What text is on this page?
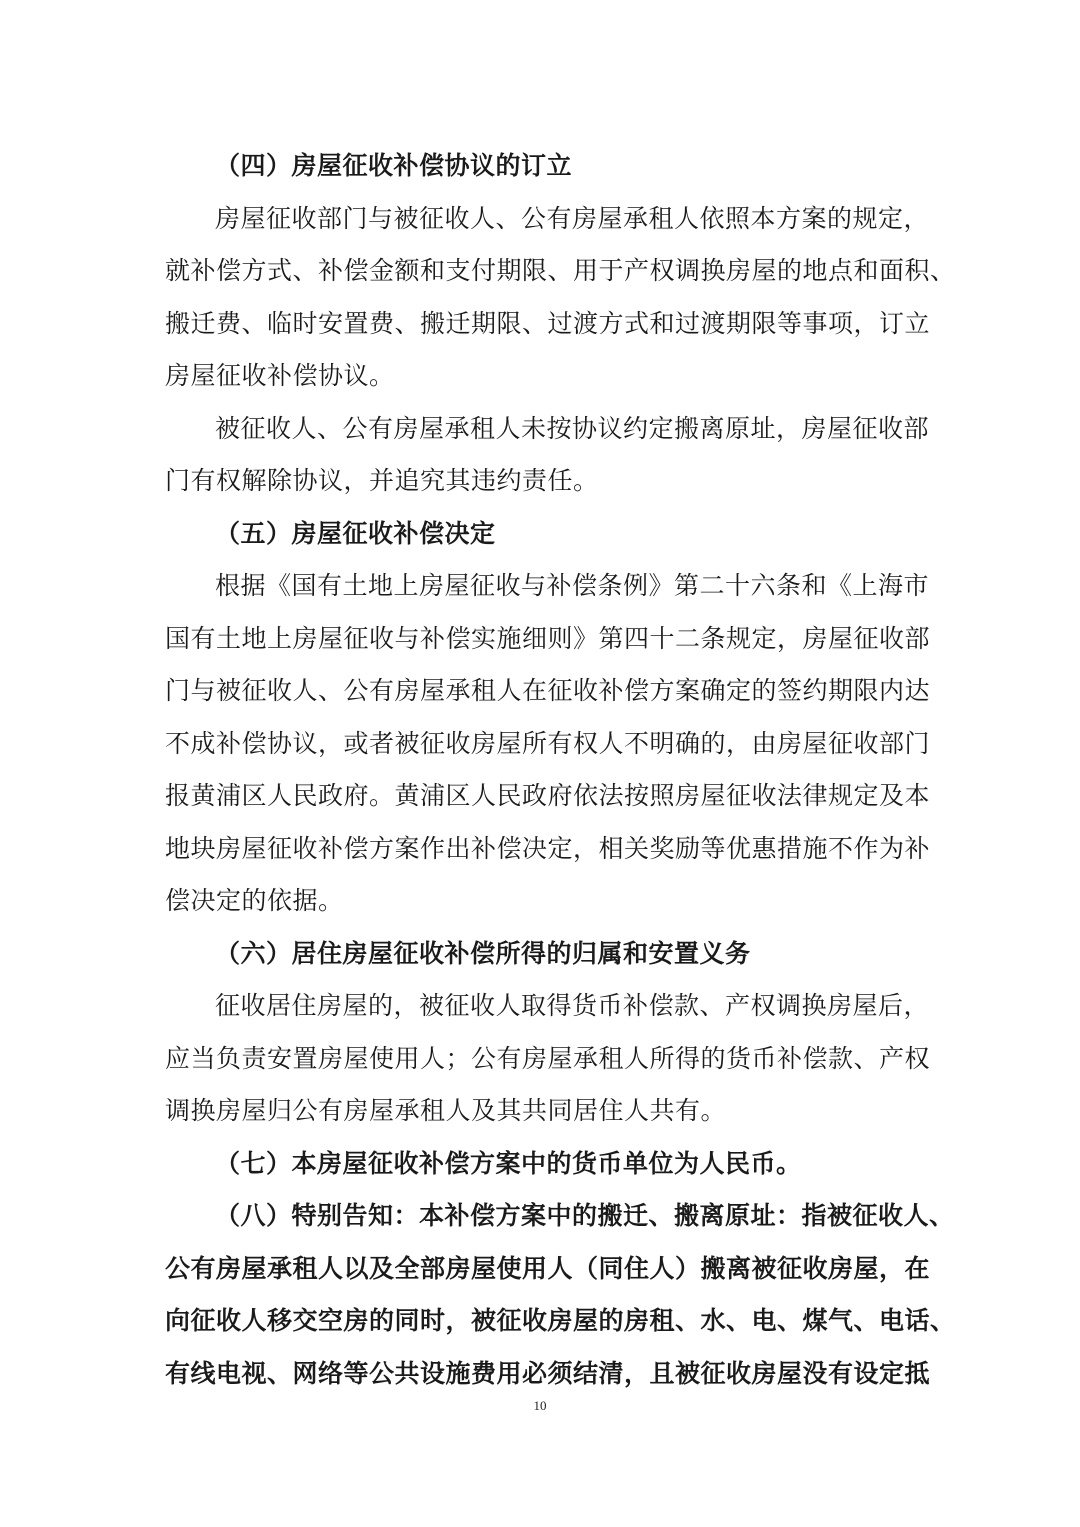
（四）房屋征收补偿协议的订立
房屋征收部门与被征收人、公有房屋承租人依照本方案的规定，
就补偿方式、补偿金额和支付期限、用于产权调换房屋的地点和面积、
搬迁费、临时安置费、搬迁期限、过渡方式和过渡期限等事项，订立
房屋征收补偿协议。
被征收人、公有房屋承租人未按协议约定搬离原址，房屋征收部
门有权解除协议，并追究其违约责任。
（五）房屋征收补偿决定
根据《国有土地上房屋征收与补偿条例》第二十六条和《上海市
国有土地上房屋征收与补偿实施细则》第四十二条规定，房屋征收部
门与被征收人、公有房屋承租人在征收补偿方案确定的签约期限内达
不成补偿协议，或者被征收房屋所有权人不明确的，由房屋征收部门
报黄浦区人民政府。黄浦区人民政府依法按照房屋征收法律规定及本
地块房屋征收补偿方案作出补偿决定，相关奖励等优惠措施不作为补
偿决定的依据。
（六）居住房屋征收补偿所得的归属和安置义务
征收居住房屋的，被征收人取得货币补偿款、产权调换房屋后，
应当负责安置房屋使用人；公有房屋承租人所得的货币补偿款、产权
调换房屋归公有房屋承租人及其共同居住人共有。
（七）本房屋征收补偿方案中的货币单位为人民币。
（八）特别告知：本补偿方案中的搬迁、搬离原址：指被征收人、
公有房屋承租人以及全部房屋使用人（同住人）搬离被征收房屋，在
向征收人移交空房的同时，被征收房屋的房租、水、电、煤气、电话、
有线电视、网络等公共设施费用必须结清，且被征收房屋没有设定抵
10
